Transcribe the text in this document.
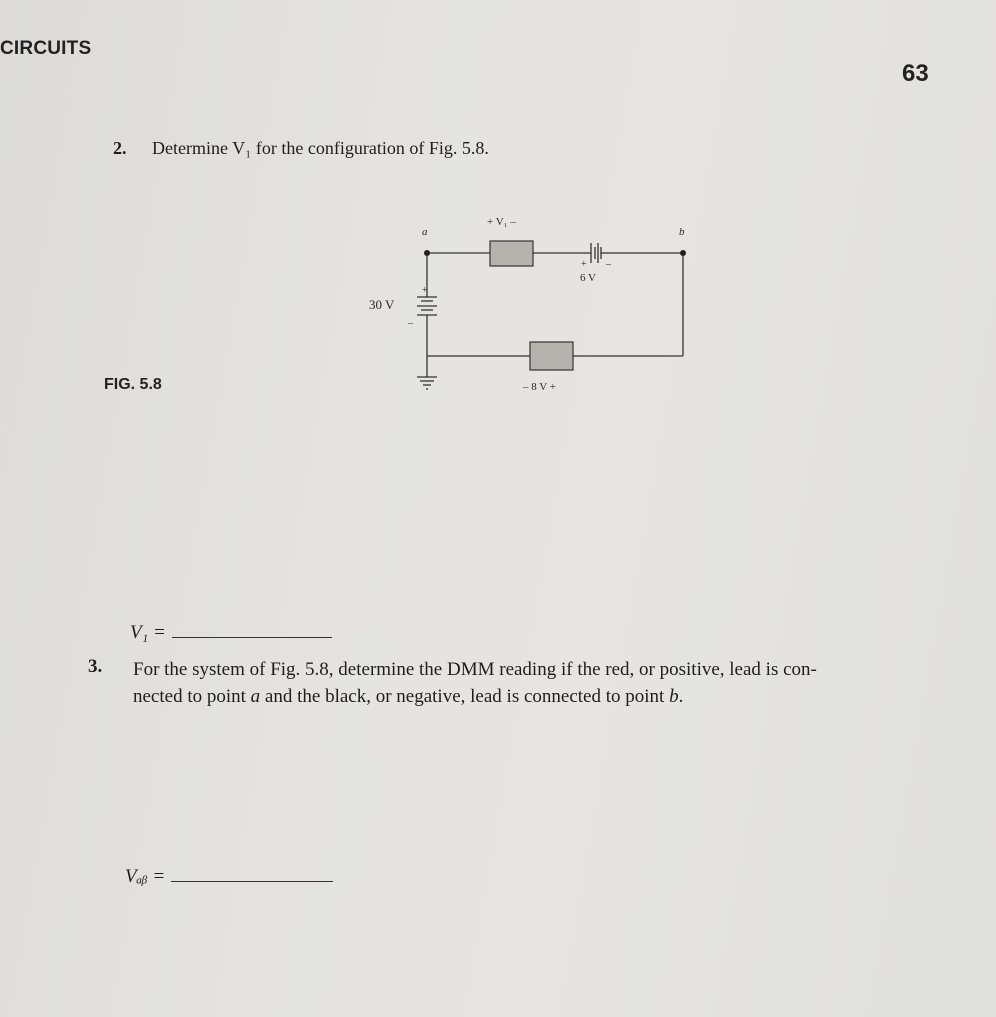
CIRCUITS
63
2. Determine V₁ for the configuration of Fig. 5.8.
a	b
+ V₁ –
+ –
6 V
30 V
+
–
– 8 V +
FIG. 5.8
V₁ =
3. For the system of Fig. 5.8, determine the DMM reading if the red, or positive, lead is con-
nected to point a and the black, or negative, lead is connected to point b.
Vₐᵦ =
